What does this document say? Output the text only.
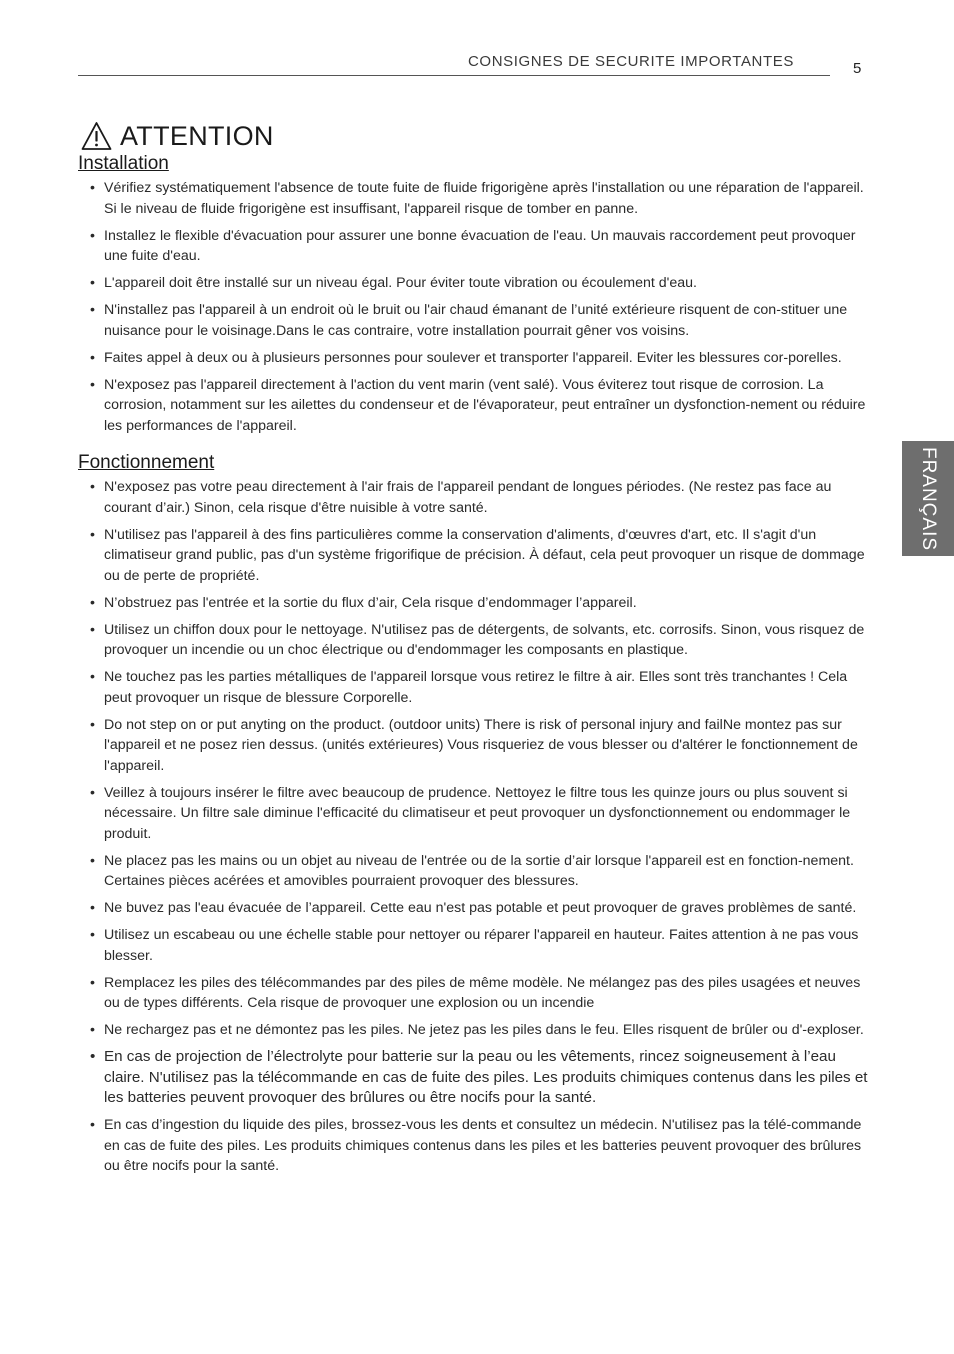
CONSIGNES DE SECURITE IMPORTANTES	5
FRANÇAIS
ATTENTION
Installation
• Vérifiez systématiquement l'absence de toute fuite de fluide frigorigène après l'installation ou une réparation de l'appareil. Si le niveau de fluide frigorigène est insuffisant, l'appareil risque de tomber en panne.
• Installez le flexible d'évacuation pour assurer une bonne évacuation de l'eau. Un mauvais raccordement peut provoquer une fuite d'eau.
• L'appareil doit être installé sur un niveau égal. Pour éviter toute vibration ou écoulement d'eau.
• N'installez pas l'appareil à un endroit où le bruit ou l'air chaud émanant de l’unité extérieure risquent de con-stituer une nuisance pour le voisinage.Dans le cas contraire, votre installation pourrait gêner vos voisins.
• Faites appel à deux ou à plusieurs personnes pour soulever et transporter l'appareil. Eviter les blessures cor-porelles.
• N'exposez pas l'appareil directement à l'action du vent marin (vent salé). Vous éviterez tout risque de corrosion. La corrosion, notamment sur les ailettes du condenseur et de l'évaporateur, peut entraîner un dysfonction-nement ou réduire les performances de l'appareil.
Fonctionnement
• N'exposez pas votre peau directement à l'air frais de l'appareil pendant de longues périodes. (Ne restez pas face au courant d’air.) Sinon, cela risque d'être nuisible à votre santé.
• N'utilisez pas l'appareil à des fins particulières comme la conservation d'aliments, d'œuvres d'art, etc. Il s'agit d'un climatiseur grand public, pas d'un système frigorifique de précision. À défaut, cela peut provoquer un risque de dommage ou de perte de propriété.
• N’obstruez pas l'entrée et la sortie du flux d’air, Cela risque d’endommager l’appareil.
• Utilisez un chiffon doux pour le nettoyage. N'utilisez pas de détergents, de solvants, etc. corrosifs. Sinon, vous risquez de provoquer un incendie ou un choc électrique ou d'endommager les composants en plastique.
• Ne touchez pas les parties métalliques de l'appareil lorsque vous retirez le filtre à air. Elles sont très tranchantes ! Cela peut provoquer un risque de blessure Corporelle.
• Do not step on or put anyting on the product. (outdoor units) There is risk of personal injury and failNe montez pas sur l'appareil et ne posez rien dessus. (unités extérieures) Vous risqueriez de vous blesser ou d'altérer le fonctionnement de l'appareil.
• Veillez à toujours insérer le filtre avec beaucoup de prudence. Nettoyez le filtre tous les quinze jours ou plus souvent si nécessaire. Un filtre sale diminue l'efficacité du climatiseur et peut provoquer un dysfonctionnement ou endommager le produit.
• Ne placez pas les mains ou un objet au niveau de l'entrée ou de la sortie d’air lorsque l'appareil est en fonction-nement. Certaines pièces acérées et amovibles pourraient provoquer des blessures.
• Ne buvez pas l'eau évacuée de l’appareil. Cette eau n'est pas potable et peut provoquer de graves problèmes de santé.
• Utilisez un escabeau ou une échelle stable pour nettoyer ou réparer l'appareil en hauteur. Faites attention à ne pas vous blesser.
• Remplacez les piles des télécommandes par des piles de même modèle. Ne mélangez pas des piles usagées et neuves ou de types différents. Cela risque de provoquer une explosion ou un incendie
• Ne rechargez pas et ne démontez pas les piles. Ne jetez pas les piles dans le feu. Elles risquent de brûler ou d'-exploser.
• En cas de projection de l’électrolyte pour batterie sur la peau ou les vêtements, rincez soigneusement à l’eau claire. N'utilisez pas la télécommande en cas de fuite des piles. Les produits chimiques contenus dans les piles et les batteries peuvent provoquer des brûlures ou être nocifs pour la santé.
• En cas d’ingestion du liquide des piles, brossez-vous les dents et consultez un médecin. N'utilisez pas la télé-commande en cas de fuite des piles. Les produits chimiques contenus dans les piles et les batteries peuvent provoquer des brûlures ou être nocifs pour la santé.
